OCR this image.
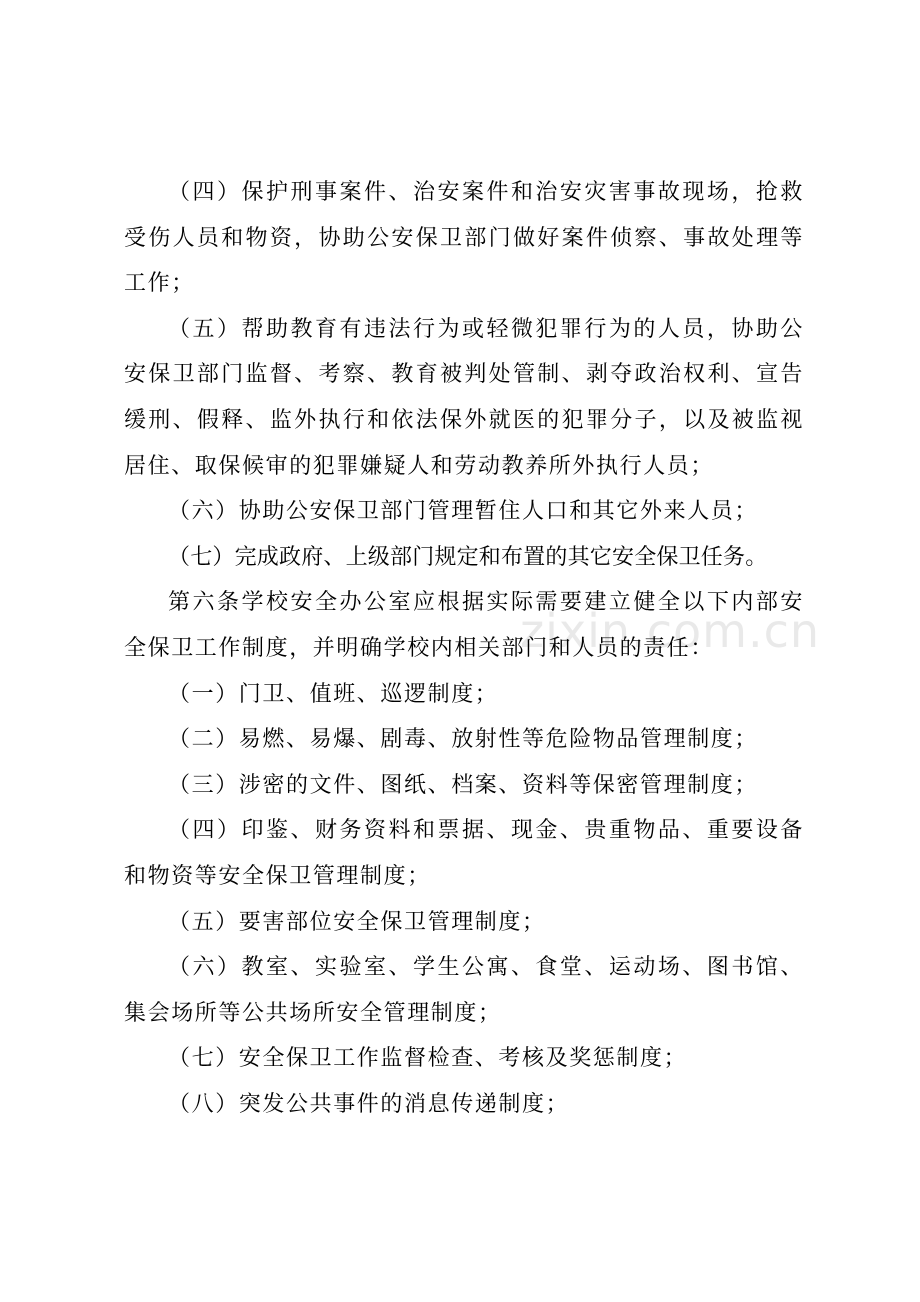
zixin.com.cn

（四）保护刑事案件、治安案件和治安灾害事故现场，抢救受伤人员和物资，协助公安保卫部门做好案件侦察、事故处理等工作；

（五）帮助教育有违法行为或轻微犯罪行为的人员，协助公安保卫部门监督、考察、教育被判处管制、剥夺政治权利、宣告缓刑、假释、监外执行和依法保外就医的犯罪分子，以及被监视居住、取保候审的犯罪嫌疑人和劳动教养所外执行人员；

（六）协助公安保卫部门管理暂住人口和其它外来人员；

（七）完成政府、上级部门规定和布置的其它安全保卫任务。

第六条学校安全办公室应根据实际需要建立健全以下内部安全保卫工作制度，并明确学校内相关部门和人员的责任：

（一）门卫、值班、巡逻制度；

（二）易燃、易爆、剧毒、放射性等危险物品管理制度；

（三）涉密的文件、图纸、档案、资料等保密管理制度；

（四）印鉴、财务资料和票据、现金、贵重物品、重要设备和物资等安全保卫管理制度；

（五）要害部位安全保卫管理制度；

（六）教室、实验室、学生公寓、食堂、运动场、图书馆、集会场所等公共场所安全管理制度；

（七）安全保卫工作监督检查、考核及奖惩制度；

（八）突发公共事件的消息传递制度；
